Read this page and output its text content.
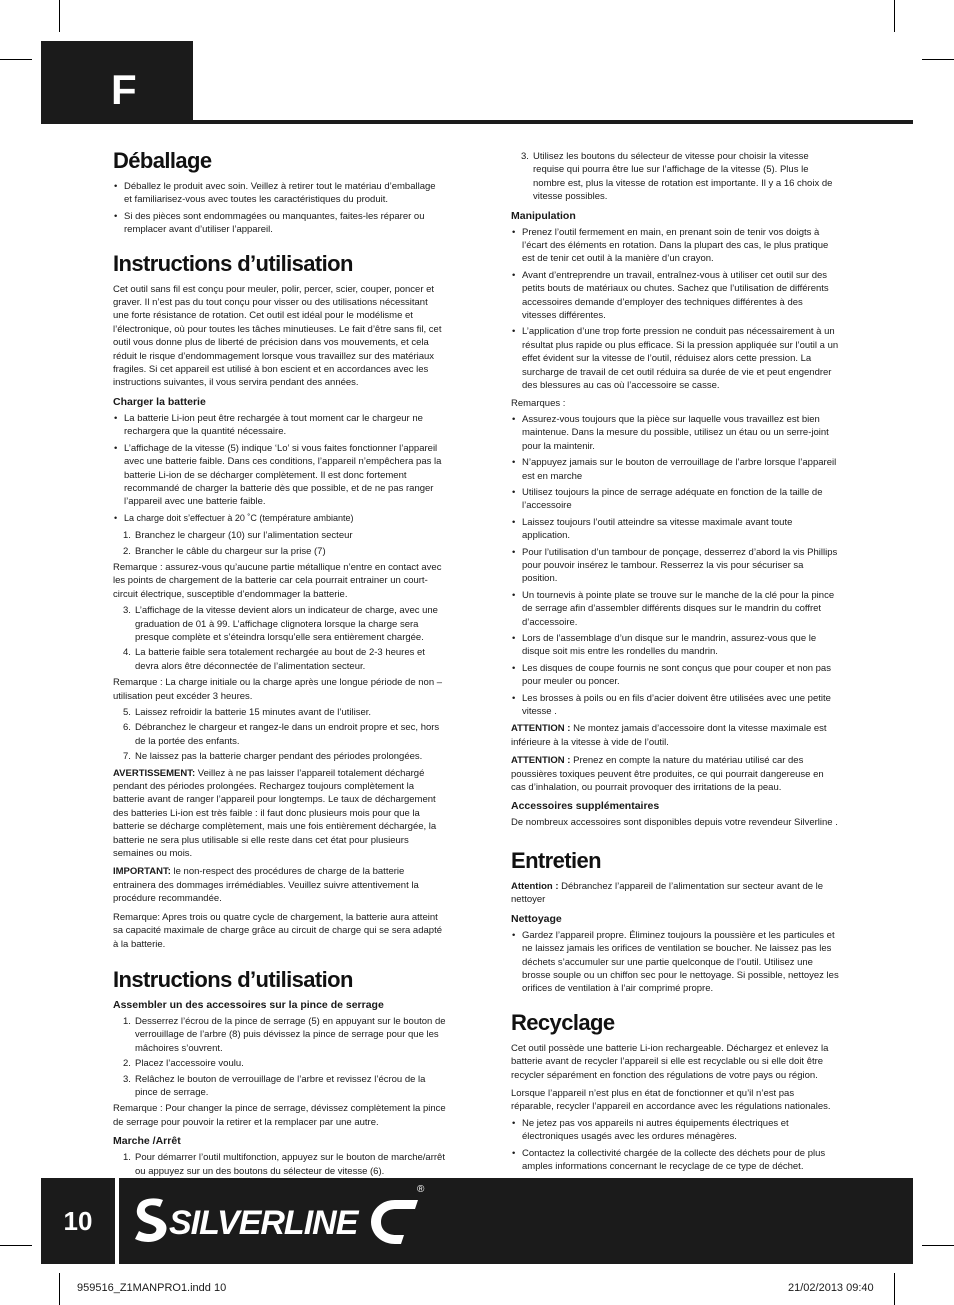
F
Déballage
• Déballez le produit avec soin. Veillez à retirer tout le matériau d’emballage et familiarisez-vous avec toutes les caractéristiques du produit.
• Si des pièces sont endommagées ou manquantes, faites-les réparer ou remplacer avant d’utiliser l’appareil.
Instructions d’utilisation

Cet outil sans fil est conçu pour meuler, polir, percer, scier, couper, poncer et graver. Il n’est pas du tout conçu pour visser ou des utilisations nécessitant une forte résistance de rotation. Cet outil est idéal pour le modélisme et l’électronique, où pour toutes les tâches minutieuses. Le fait d’être sans fil, cet outil vous donne plus de liberté de précision dans vos mouvements, et cela réduit le risque d’endommagement lorsque vous travaillez sur des matériaux fragiles. Si cet appareil est utilisé à bon escient et en accordances avec les instructions suivantes, il vous servira pendant des années.

Charger la batterie
• La batterie Li-ion peut être rechargée à tout moment car le chargeur ne rechargera que la quantité nécessaire.
• L’affichage de la vitesse (5) indique ‘Lo’ si vous faites fonctionner l’appareil avec une batterie faible. Dans ces conditions, l’appareil n’empêchera pas la batterie Li-ion de se décharger complètement. Il est donc fortement recommandé de charger la batterie dès que possible, et de ne pas ranger l’appareil avec une batterie faible.
• La charge doit s’effectuer à 20 ˚C (température ambiante)
1. Branchez le chargeur (10) sur l’alimentation secteur
2. Brancher le câble du chargeur sur la prise (7)

Remarque : assurez-vous qu’aucune partie métallique n’entre en contact avec les points de chargement de la batterie car cela pourrait entrainer un court-circuit électrique, susceptible d’endommager la batterie.

3. L’affichage de la vitesse devient alors un indicateur de charge, avec une graduation de 01 à 99. L’affichage clignotera lorsque la charge sera presque complète et s’éteindra lorsqu’elle sera entièrement chargée.
4. La batterie faible sera totalement rechargée au bout de 2-3 heures et devra alors être déconnectée de l’alimentation secteur.

Remarque : La charge initiale ou la charge après une longue période de non –utilisation peut excéder 3 heures.

5. Laissez refroidir la batterie 15 minutes avant de l’utiliser.
6. Débranchez le chargeur et rangez-le dans un endroit propre et sec, hors de la portée des enfants.
7. Ne laissez pas la batterie charger pendant des périodes prolongées.

AVERTISSEMENT: Veillez à ne pas laisser l’appareil totalement déchargé pendant des périodes prolongées. Rechargez toujours complètement la batterie avant de ranger l’appareil pour longtemps. Le taux de déchargement des batteries Li-ion est très faible : il faut donc plusieurs mois pour que la batterie se décharge complètement, mais une fois entièrement déchargée, la batterie ne sera plus utilisable si elle reste dans cet état pour plusieurs semaines ou mois.

IMPORTANT: le non-respect des procédures de charge de la batterie entrainera des dommages irrémédiables. Veuillez suivre attentivement la procédure recommandée.

Remarque: Apres trois ou quatre cycle de chargement, la batterie aura atteint sa capacité maximale de charge grâce au circuit de charge qui se sera adapté à la batterie.

Instructions d’utilisation
Assembler un des accessoires sur la pince de serrage
1. Desserrez l’écrou de la pince de serrage (5) en appuyant sur le bouton de verrouillage de l’arbre (8) puis dévissez la pince de serrage pour que les mâchoires s’ouvrent.
2. Placez l’accessoire voulu.
3. Relâchez le bouton de verrouillage de l’arbre et revissez l’écrou de la pince de serrage.

Remarque : Pour changer la pince de serrage, dévissez complètement la pince de serrage pour pouvoir la retirer et la remplacer par une autre.

Marche /Arrêt
1. Pour démarrer l’outil multifonction, appuyez sur le bouton de marche/arrêt ou appuyez sur un des boutons du sélecteur de vitesse (6).
3. Utilisez les boutons du sélecteur de vitesse pour choisir la vitesse requise qui pourra être lue sur l’affichage de la vitesse (5). Plus le nombre est, plus la vitesse de rotation est importante. Il y a 16 choix de vitesse possibles.
Manipulation
• Prenez l’outil fermement en main, en prenant soin de tenir vos doigts à l’écart des éléments en rotation. Dans la plupart des cas, le plus pratique est de tenir cet outil à la manière d’un crayon.
• Avant d’entreprendre un travail, entraînez-vous à utiliser cet outil sur des petits bouts de matériaux ou chutes. Sachez que l’utilisation de différents accessoires demande d’employer des techniques différentes à des vitesses différentes.
• L’application d’une trop forte pression ne conduit pas nécessairement à un résultat plus rapide ou plus efficace. Si la pression appliquée sur l’outil a un effet évident sur la vitesse de l’outil, réduisez alors cette pression. La surcharge de travail de cet outil réduira sa durée de vie et peut engendrer des blessures au cas où l’accessoire se casse.

Remarques :

• Assurez-vous toujours que la pièce sur laquelle vous travaillez est bien maintenue. Dans la mesure du possible, utilisez un étau ou un serre-joint pour la maintenir.
• N’appuyez jamais sur le bouton de verrouillage de l’arbre lorsque l’appareil est en marche
• Utilisez toujours la pince de serrage adéquate en fonction de la taille de l’accessoire
• Laissez toujours l’outil atteindre sa vitesse maximale avant toute application.
• Pour l’utilisation d’un tambour de ponçage, desserrez d’abord la vis Phillips pour pouvoir insérez le tambour. Resserrez la vis pour sécuriser sa position.
• Un tournevis à pointe plate se trouve sur le manche de la clé pour la pince de serrage afin d’assembler différents disques sur le mandrin du coffret d’accessoire.
• Lors de l’assemblage d’un disque sur le mandrin, assurez-vous que le disque soit mis entre les rondelles du mandrin.
• Les disques de coupe fournis ne sont conçus que pour couper et non pas pour meuler ou poncer.
• Les brosses à poils ou en fils d’acier doivent être utilisées avec une petite vitesse .

ATTENTION : Ne montez jamais d’accessoire dont la vitesse maximale est inférieure à la vitesse à vide de l’outil.

ATTENTION : Prenez en compte la nature du matériau utilisé car des poussières toxiques peuvent être produites, ce qui pourrait dangereuse en cas d’inhalation, ou pourrait provoquer des irritations de la peau.

Accessoires supplémentaires

De nombreux accessoires sont disponibles depuis votre revendeur Silverline .

Entretien

Attention : Débranchez l’appareil de l’alimentation sur secteur avant de le nettoyer

Nettoyage
• Gardez l’appareil propre. Éliminez toujours la poussière et les particules et ne laissez jamais les orifices de ventilation se boucher. Ne laissez pas les déchets s’accumuler sur une partie quelconque de l’outil. Utilisez une brosse souple ou un chiffon sec pour le nettoyage. Si possible, nettoyez les orifices de ventilation à l’air comprimé propre.
Recyclage

Cet outil possède une batterie Li-ion rechargeable. Déchargez et enlevez la batterie avant de recycler l’appareil si elle est recyclable ou si elle doit être recycler séparément en fonction des régulations de votre pays ou région.

Lorsque l’appareil n’est plus en état de fonctionner et qu’il n’est pas réparable, recycler l’appareil en accordance avec les régulations nationales.

• Ne jetez pas vos appareils ni autres équipements électriques et électroniques usagés avec les ordures ménagères.
• Contactez la collectivité chargée de la collecte des déchets pour de plus amples informations concernant le recyclage de ce type de déchet.
10	SILVERLINE
®
959516_Z1MANPRO1.indd 10	21/02/2013 09:40
